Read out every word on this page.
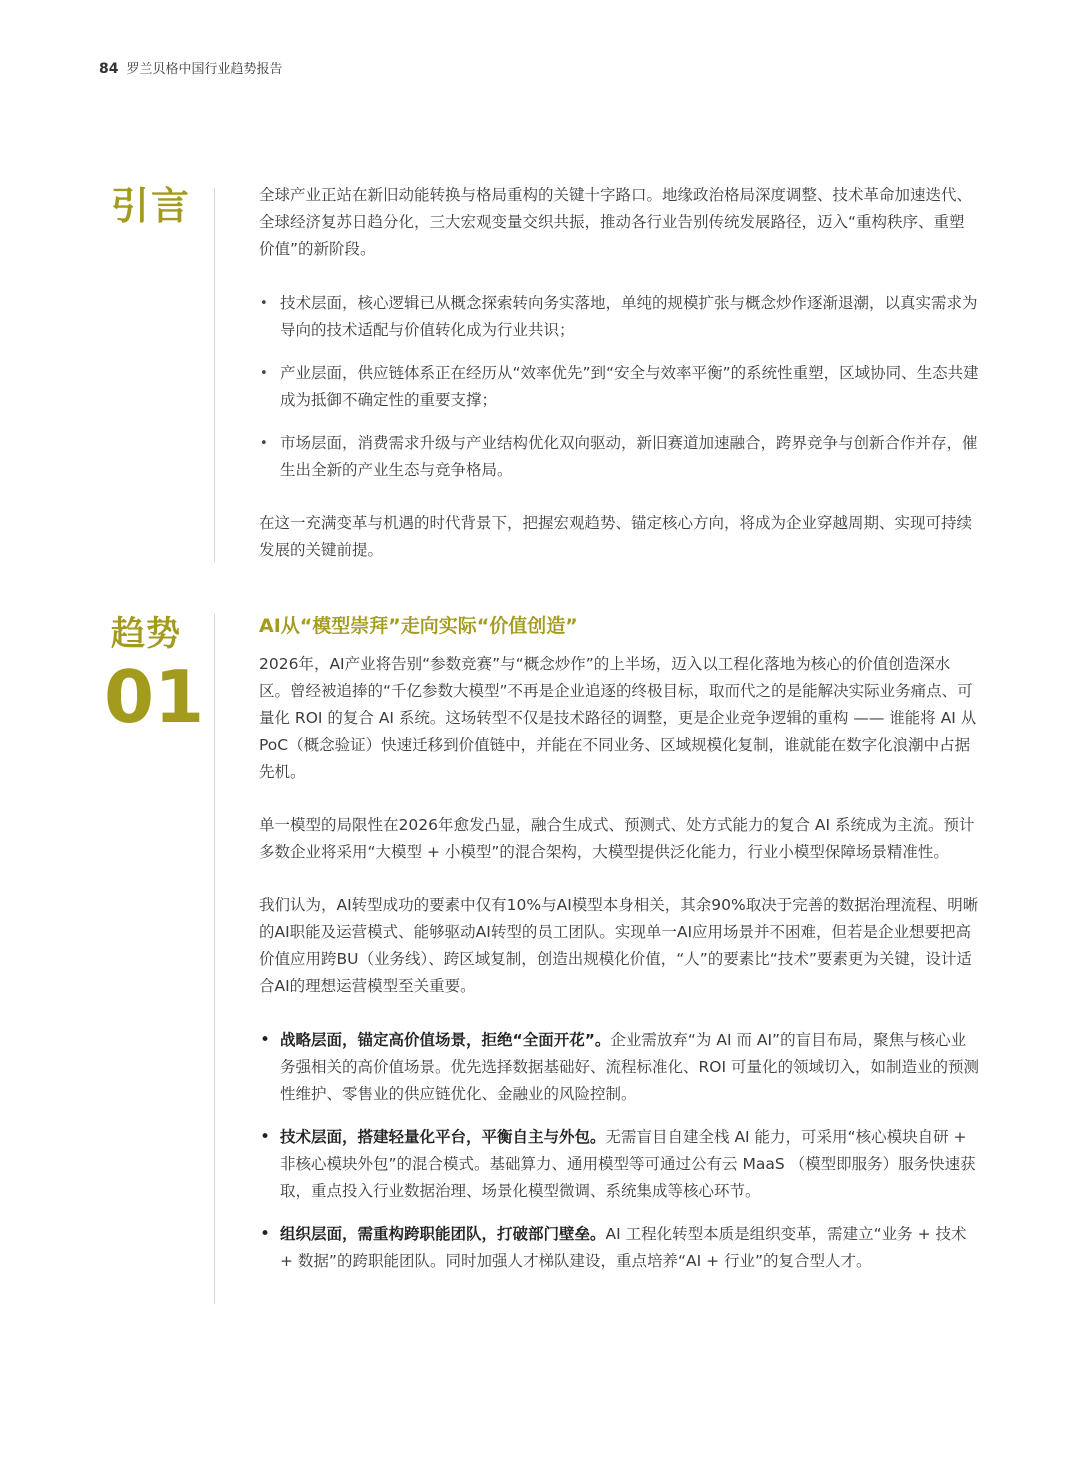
84 罗兰贝格中国行业趋势报告
引言	全球产业正站在新旧动能转换与格局重构的关键十字路口。地缘政治格局深度调整、技术革命加速迭代、全球经济复苏日趋分化，三大宏观变量交织共振，推动各行业告别传统发展路径，迈入“重构秩序、重塑价值”的新阶段。

• 技术层面，核心逻辑已从概念探索转向务实落地，单纯的规模扩张与概念炒作逐渐退潮，以真实需求为导向的技术适配与价值转化成为行业共识；
• 产业层面，供应链体系正在经历从“效率优先”到“安全与效率平衡”的系统性重塑，区域协同、生态共建成为抵御不确定性的重要支撑；
• 市场层面，消费需求升级与产业结构优化双向驱动，新旧赛道加速融合，跨界竞争与创新合作并存，催生出全新的产业生态与竞争格局。

在这一充满变革与机遇的时代背景下，把握宏观趋势、锚定核心方向，将成为企业穿越周期、实现可持续发展的关键前提。

趋势
01
AI从“模型崇拜”走向实际“价值创造”

2026年，AI产业将告别“参数竞赛”与“概念炒作”的上半场，迈入以工程化落地为核心的价值创造深水区。曾经被追捧的“千亿参数大模型”不再是企业追逐的终极目标，取而代之的是能解决实际业务痛点、可量化 ROI 的复合 AI 系统。这场转型不仅是技术路径的调整，更是企业竞争逻辑的重构 —— 谁能将 AI 从PoC（概念验证）快速迁移到价值链中，并能在不同业务、区域规模化复制，谁就能在数字化浪潮中占据先机。

单一模型的局限性在2026年愈发凸显，融合生成式、预测式、处方式能力的复合 AI 系统成为主流。预计多数企业将采用“大模型 + 小模型”的混合架构，大模型提供泛化能力，行业小模型保障场景精准性。

我们认为，AI转型成功的要素中仅有10%与AI模型本身相关，其余90%取决于完善的数据治理流程、明晰的AI职能及运营模式、能够驱动AI转型的员工团队。实现单一AI应用场景并不困难，但若是企业想要把高价值应用跨BU（业务线）、跨区域复制，创造出规模化价值，“人”的要素比“技术”要素更为关键，设计适合AI的理想运营模型至关重要。

• 战略层面，锚定高价值场景，拒绝“全面开花”。企业需放弃“为 AI 而 AI”的盲目布局，聚焦与核心业务强相关的高价值场景。优先选择数据基础好、流程标准化、ROI 可量化的领域切入，如制造业的预测性维护、零售业的供应链优化、金融业的风险控制。
• 技术层面，搭建轻量化平台，平衡自主与外包。无需盲目自建全栈 AI 能力，可采用“核心模块自研 + 非核心模块外包”的混合模式。基础算力、通用模型等可通过公有云 MaaS （模型即服务）服务快速获取，重点投入行业数据治理、场景化模型微调、系统集成等核心环节。
• 组织层面，需重构跨职能团队，打破部门壁垒。AI 工程化转型本质是组织变革，需建立“业务 + 技术 + 数据”的跨职能团队。同时加强人才梯队建设，重点培养“AI + 行业”的复合型人才。
